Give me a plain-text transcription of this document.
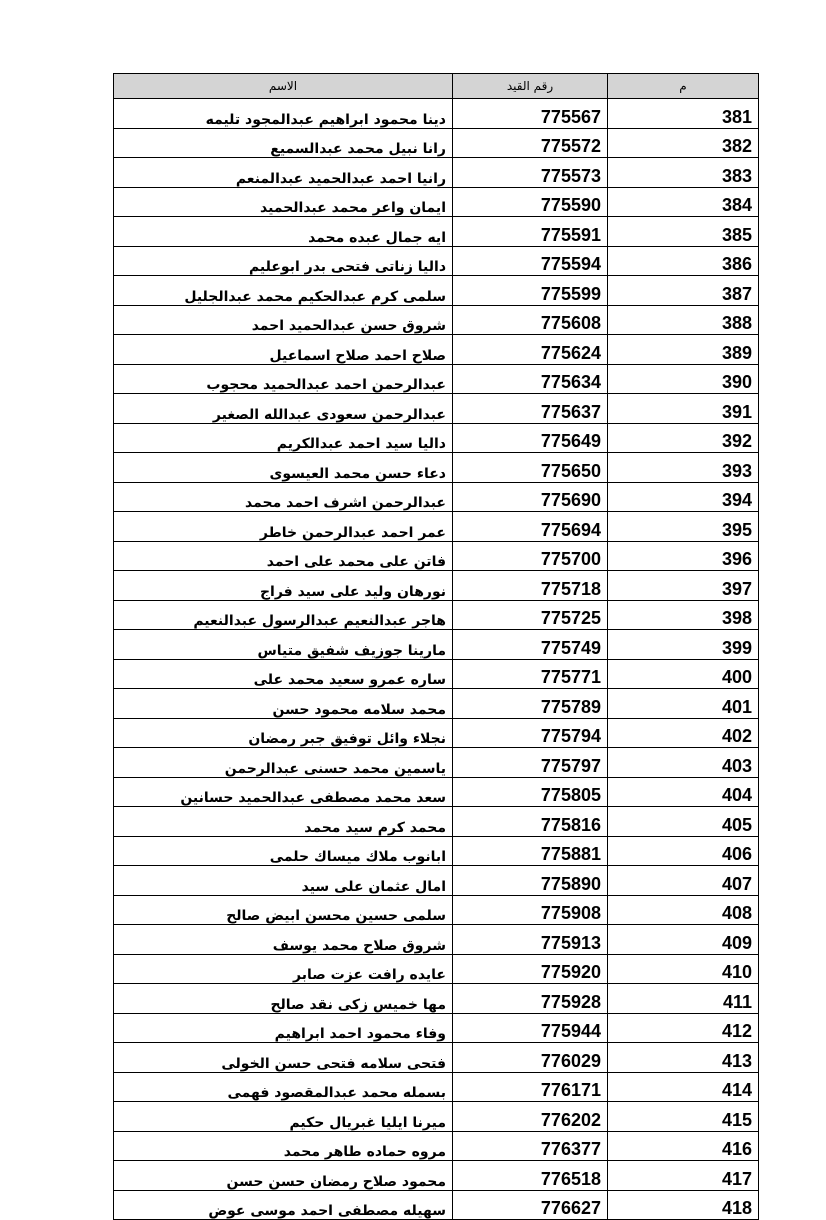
الاسم	رقم القيد	م
دينا محمود ابراهيم عبدالمجود تليمه	775567	381
رانا نبيل محمد عبدالسميع	775572	382
رانيا احمد عبدالحميد عبدالمنعم	775573	383
ايمان واعر محمد عبدالحميد	775590	384
ايه جمال عبده محمد	775591	385
داليا زناتى فتحى بدر ابوعليم	775594	386
سلمى كرم عبدالحكيم محمد عبدالجليل	775599	387
شروق حسن عبدالحميد احمد	775608	388
صلاح احمد صلاح اسماعيل	775624	389
عبدالرحمن احمد عبدالحميد محجوب	775634	390
عبدالرحمن سعودى عبدالله الصغير	775637	391
داليا سيد احمد عبدالكريم	775649	392
دعاء حسن محمد العيسوى	775650	393
عبدالرحمن اشرف احمد محمد	775690	394
عمر احمد عبدالرحمن خاطر	775694	395
فاتن على محمد على احمد	775700	396
نورهان وليد على سيد فراج	775718	397
هاجر عبدالنعيم عبدالرسول عبدالنعيم	775725	398
مارينا جوزيف شفيق متياس	775749	399
ساره عمرو سعيد محمد على	775771	400
محمد سلامه محمود حسن	775789	401
نجلاء وائل توفيق جبر رمضان	775794	402
ياسمين محمد حسنى عبدالرحمن	775797	403
سعد محمد مصطفى عبدالحميد حسانين	775805	404
محمد كرم سيد محمد	775816	405
ابانوب ملاك ميساك حلمى	775881	406
امال عثمان على سيد	775890	407
سلمى حسين محسن ابيض صالح	775908	408
شروق صلاح محمد يوسف	775913	409
عايده رافت عزت صابر	775920	410
مها خميس زكى نقد صالح	775928	411
وفاء محمود احمد ابراهيم	775944	412
فتحى سلامه فتحى حسن الخولى	776029	413
بسمله محمد عبدالمقصود فهمى	776171	414
ميرنا ايليا غبريال حكيم	776202	415
مروه حماده طاهر محمد	776377	416
محمود صلاح رمضان حسن حسن	776518	417
سهيله مصطفى احمد موسى عوض	776627	418
